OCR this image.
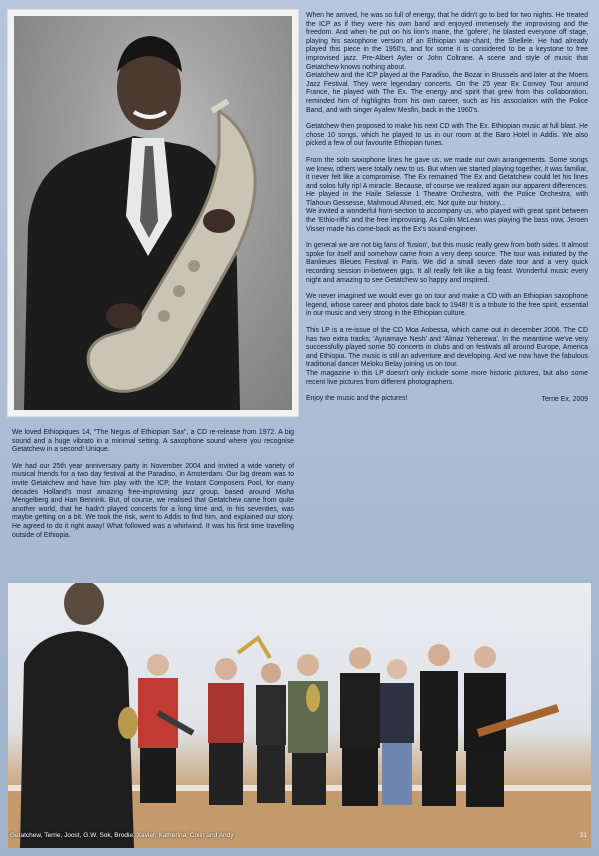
We loved Ethiopiques 14, "The Negus of Ethiopian Sax", a CD re-release from 1972. A big sound and a huge vibrato in a minimal setting. A saxophone sound where you recognise Getatchew in a second! Unique.

We had our 25th year anniversary party in November 2004 and invited a wide variety of musical friends for a two day festival at the Paradiso, in Amsterdam. Our big dream was to invite Getatchew and have him play with the ICP, the Instant Composers Pool, for many decades Holland's most amazing free-improvising jazz group, based around Misha Mengelberg and Han Bennink. But, of course, we realised that Getatchew came from quite another world, that he hadn't played concerts for a long time and, in his seventies, was maybe getting on a bit. We took the risk, went to Addis to find him, and explained our story. He agreed to do it right away! What followed was a whirlwind. It was his first time travelling outside of Ethiopia.

When he arrived, he was so full of energy, that he didn't go to bed for two nights. He treated the ICP as if they were his own band and enjoyed immensely the improvising and the freedom. And when he put on his lion's mane, the 'gofere', he blasted everyone off stage, playing his saxophone version of an Ethiopian war-chant, the Shellele. He had already played this piece in the 1950's, and for some it is considered to be a keystone to free improvised jazz. Pre-Albert Ayler or John Coltrane. A scene and style of music that Getatchew knows nothing about.

Getatchew and the ICP played at the Paradiso, the Bozar in Brussels and later at the Moers Jazz Festival. They were legendary concerts. On the 25 year Ex Convoy Tour around France, he played with The Ex. The energy and spirit that grew from this collaboration, reminded him of highlights from his own career, such as his association with the Police Band, and with singer Ayalew Mesfin, back in the 1960's.

Getatchew then proposed to make his next CD with The Ex. Ethiopian music at full blast. He chose 10 songs, which he played to us in our room at the Baro Hotel in Addis. We also picked a few of our favourite Ethiopian tunes.

From the solo saxophone lines he gave us, we made our own arrangements. Some songs we knew, others were totally new to us. But when we started playing together, it was familiar, it never felt like a compromise. The Ex remained The Ex and Getatchew could let his lines and solos fully rip! A miracle. Because, of course we realized again our apparent differences. He played in the Haile Selassie 1 Theatre Orchestra, with the Police Orchestra, with Tlahoun Gessesse, Mahmoud Ahmed, etc. Not quite our history...

We invited a wonderful horn-section to accompany us, who played with great spirit between the 'Ethio-riffs' and the free improvising. As Colin McLean was playing the bass now, Jeroen Visser made his come-back as the Ex's sound-engineer.

In general we are not big fans of 'fusion', but this music really grew from both sides. It almost spoke for itself and somehow came from a very deep source. The tour was initiated by the Banlieues Bleues Festival in Paris. We did a small seven date tour and a very quick recording session in-between gigs. It all really felt like a big feast. Wonderful music every night and amazing to see Getatchew so happy and inspired.

We never imagined we would ever go on tour and make a CD with an Ethiopian saxophone legend, whose career and photos date back to 1948! It is a tribute to the free spirit, essential in our music and very strong in the Ethiopian culture.

This LP is a re-issue of the CD Moa Anbessa, which came out in december 2006. The CD has two extra tracks; 'Aynamaye Nesh' and 'Almaz Yeherewa'. In the meantime we've very successfully played some 50 concerts in clubs and on festivals all around Europe, America and Ethiopia. The music is still an adventure and developing. And we now have the fabulous traditional dancer Meloku Belay joining us on tour.

The magazine in this LP doesn't only include some more historic pictures, but also some recent live pictures from different photographers.

Enjoy the music and the pictures!	Terrie Ex, 2009

Getatchew, Terrie, Joost, G.W. Sok, Brodie, Xavier, Katherina, Colin and Andy	31
